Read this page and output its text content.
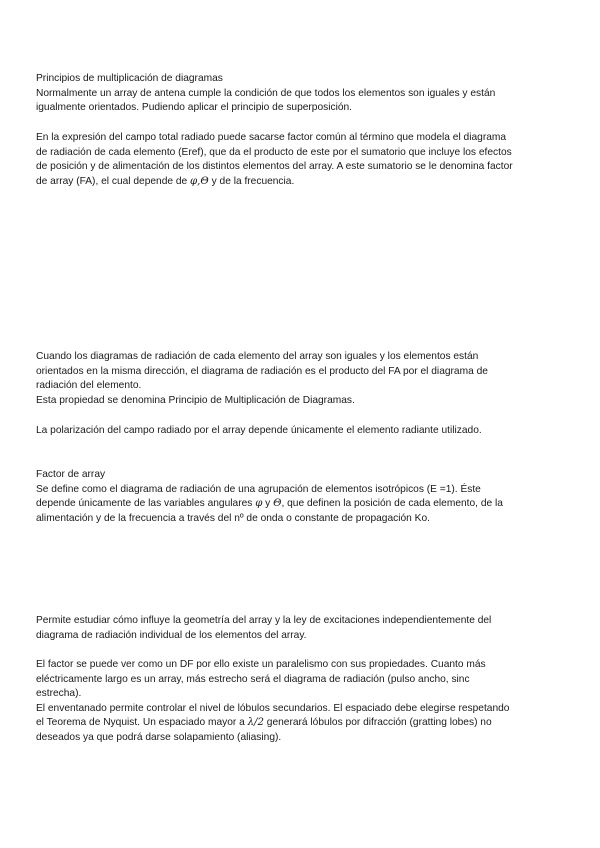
Principios de multiplicación de diagramas
Normalmente un array de antena cumple la condición de que todos los elementos son iguales y están
igualmente orientados. Pudiendo aplicar el principio de superposición.
En la expresión del campo total radiado puede sacarse factor común al término que modela el diagrama
de radiación de cada elemento (Eref), que da el producto de este por el sumatorio que incluye los efectos
de posición y de alimentación de los distintos elementos del array. A este sumatorio se le denomina factor
de array (FA), el cual depende de φ,Θ y de la frecuencia.
Cuando los diagramas de radiación de cada elemento del array son iguales y los elementos están
orientados en la misma dirección, el diagrama de radiación es el producto del FA por el diagrama de
radiación del elemento.
Esta propiedad se denomina Principio de Multiplicación de Diagramas.
La polarización del campo radiado por el array depende únicamente el elemento radiante utilizado.
Factor de array
Se define como el diagrama de radiación de una agrupación de elementos isotrópicos (E =1). Éste
depende únicamente de las variables angulares φ y Θ, que definen la posición de cada elemento, de la
alimentación y de la frecuencia a través del nº de onda o constante de propagación Ko.
Permite estudiar cómo influye la geometría del array y la ley de excitaciones independientemente del
diagrama de radiación individual de los elementos del array.
El factor se puede ver como un DF por ello existe un paralelismo con sus propiedades. Cuanto más
eléctricamente largo es un array, más estrecho será el diagrama de radiación (pulso ancho, sinc
estrecha).
El enventanado permite controlar el nivel de lóbulos secundarios. El espaciado debe elegirse respetando
el Teorema de Nyquist. Un espaciado mayor a λ/2 generará lóbulos por difracción (gratting lobes) no
deseados ya que podrá darse solapamiento (aliasing).
